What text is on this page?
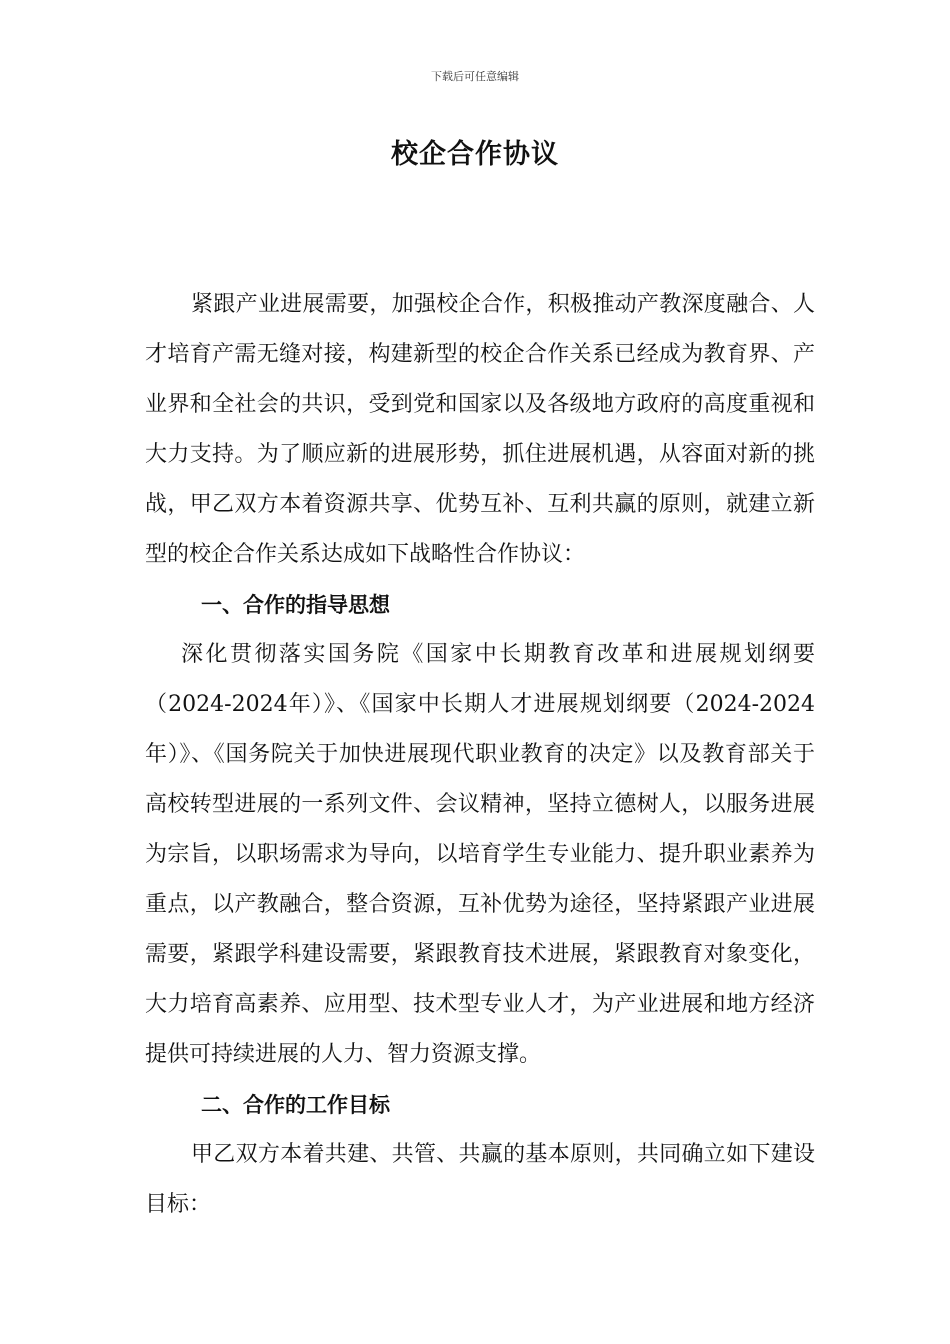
下载后可任意编辑
校企合作协议

紧跟产业进展需要，加强校企合作，积极推动产教深度融合、人才培育产需无缝对接，构建新型的校企合作关系已经成为教育界、产业界和全社会的共识，受到党和国家以及各级地方政府的高度重视和大力支持。为了顺应新的进展形势，抓住进展机遇，从容面对新的挑战，甲乙双方本着资源共享、优势互补、互利共赢的原则，就建立新型的校企合作关系达成如下战略性合作协议：

一、合作的指导思想

深化贯彻落实国务院《国家中长期教育改革和进展规划纲要（2024-2024年）》、《国家中长期人才进展规划纲要（2024-2024年）》、《国务院关于加快进展现代职业教育的决定》以及教育部关于高校转型进展的一系列文件、会议精神，坚持立德树人，以服务进展为宗旨，以职场需求为导向，以培育学生专业能力、提升职业素养为重点，以产教融合，整合资源，互补优势为途径，坚持紧跟产业进展需要，紧跟学科建设需要，紧跟教育技术进展，紧跟教育对象变化，大力培育高素养、应用型、技术型专业人才，为产业进展和地方经济提供可持续进展的人力、智力资源支撑。

二、合作的工作目标

甲乙双方本着共建、共管、共赢的基本原则，共同确立如下建设目标：
